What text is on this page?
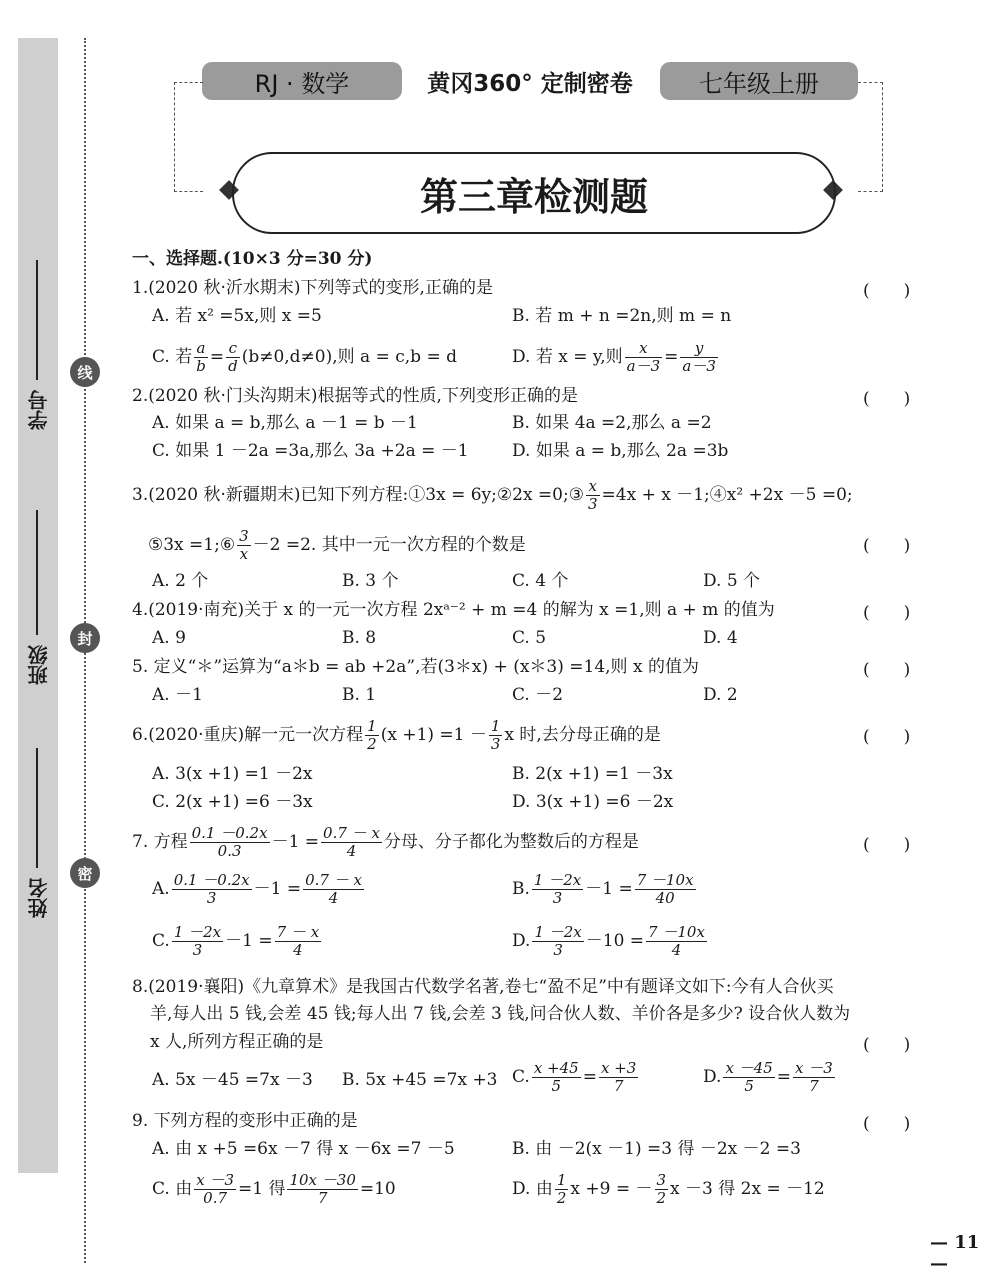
学号
班级
姓名
线
封
密
RJ · 数学	黄冈360° 定制密卷	七年级上册
第三章检测题
一、选择题.(10×3 分=30 分)
1.(2020 秋·沂水期末)下列等式的变形,正确的是	(　　)
A. 若 x² =5x,则 x =5	B. 若 m + n =2n,则 m = n
C. 若 $\frac{a}{b} = \frac{c}{d} (b\ne 0,d\ne 0)$,则 a = c,b = d	D. 若 x = y,则 $\frac{x}{a-3} = \frac{y}{a-3}$
2.(2020 秋·门头沟期末)根据等式的性质,下列变形正确的是	(　　)
A. 如果 a = b,那么 a －1 = b －1	B. 如果 4a =2,那么 a =2
C. 如果 1 －2a =3a,那么 3a +2a = －1	D. 如果 a = b,那么 2a =3b
3.(2020 秋·新疆期末)已知下列方程:①3x = 6y;②2x =0;③ $\frac{x}{3} =4x + x$ －1;④x² +2x －5 =0;
⑤3x =1;⑥ $\frac{3}{x} -2 =2$. 其中一元一次方程的个数是	(　　)
A. 2 个	B. 3 个	C. 4 个	D. 5 个
4.(2019·南充)关于 x 的一元一次方程 2xᵃ⁻² + m =4 的解为 x =1,则 a + m 的值为	(　　)
A. 9	B. 8	C. 5	D. 4
5. 定义“＊”运算为“a＊b = ab +2a”,若(3＊x) + (x＊3) =14,则 x 的值为	(　　)
A. －1	B. 1	C. －2	D. 2
6.(2020·重庆)解一元一次方程 $\frac{1}{2} (x +1) =1 - \frac{1}{3}$ x 时,去分母正确的是	(　　)
A. 3(x +1) =1 －2x	B. 2(x +1) =1 －3x
C. 2(x +1) =6 －3x	D. 3(x +1) =6 －2x
7. 方程 $\frac{0.1 -0.2x}{0.3} -1 = \frac{0.7 - x}{4}$ 分母、分子都化为整数后的方程是	(　　)
A. $\frac{0.1 -0.2x}{3} -1 = \frac{0.7 - x}{4}$	B. $\frac{1 -2x}{3} -1 = \frac{7 -10x}{40}$
C. $\frac{1 -2x}{3} -1 = \frac{7 - x}{4}$	D. $\frac{1 -2x}{3} -10 = \frac{7 -10x}{4}$
8.(2019·襄阳)《九章算术》是我国古代数学名著,卷七“盈不足”中有题译文如下:今有人合伙买
羊,每人出 5 钱,会差 45 钱;每人出 7 钱,会差 3 钱,问合伙人数、羊价各是多少? 设合伙人数为
x 人,所列方程正确的是	(　　)
A. 5x －45 =7x －3 B. 5x +45 =7x +3 C. $\frac{x +45}{5} = \frac{x +3}{7}$	D. $\frac{x -45}{5} = \frac{x -3}{7}$
9. 下列方程的变形中正确的是	(　　)
A. 由 x +5 =6x －7 得 x －6x =7 －5	B. 由 －2(x －1) =3 得 －2x －2 =3
C. 由 $\frac{x -3}{0.7} =1$ 得 $\frac{10x -30}{7} =10$	D. 由 $\frac{1}{2}$ x +9 = － $\frac{3}{2}$ x －3 得 2x = －12
— 11 —
